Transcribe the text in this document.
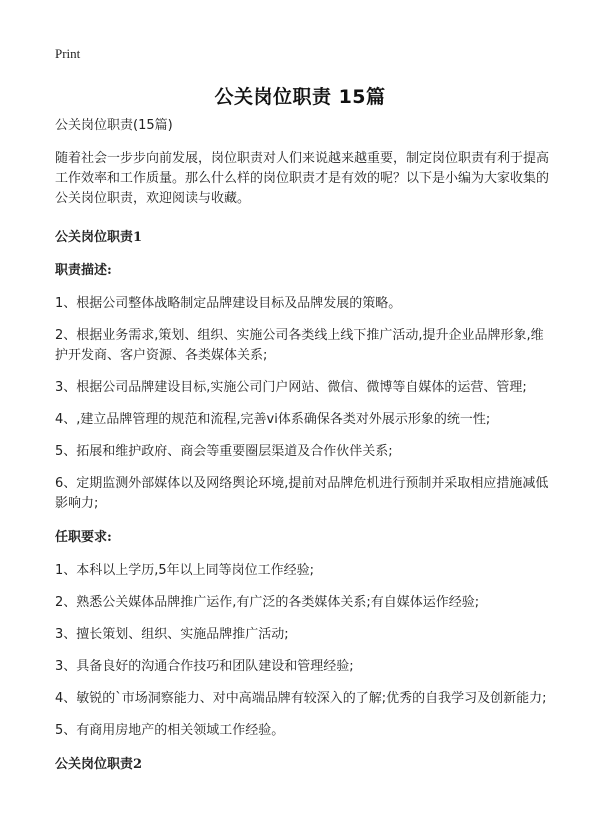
Print
公关岗位职责 15篇

公关岗位职责(15篇)

随着社会一步步向前发展，岗位职责对人们来说越来越重要，制定岗位职责有利于提高工作效率和工作质量。那么什么样的岗位职责才是有效的呢？以下是小编为大家收集的公关岗位职责，欢迎阅读与收藏。

公关岗位职责1

职责描述:

1、根据公司整体战略制定品牌建设目标及品牌发展的策略。

2、根据业务需求,策划、组织、实施公司各类线上线下推广活动,提升企业品牌形象,维护开发商、客户资源、各类媒体关系;

3、根据公司品牌建设目标,实施公司门户网站、微信、微博等自媒体的运营、管理;

4、,建立品牌管理的规范和流程,完善vi体系确保各类对外展示形象的统一性;

5、拓展和维护政府、商会等重要圈层渠道及合作伙伴关系;

6、定期监测外部媒体以及网络舆论环境,提前对品牌危机进行预制并采取相应措施减低影响力;

任职要求:

1、本科以上学历,5年以上同等岗位工作经验;

2、熟悉公关媒体品牌推广运作,有广泛的各类媒体关系;有自媒体运作经验;

3、擅长策划、组织、实施品牌推广活动;

3、具备良好的沟通合作技巧和团队建设和管理经验;

4、敏锐的`市场洞察能力、对中高端品牌有较深入的了解;优秀的自我学习及创新能力;

5、有商用房地产的相关领域工作经验。

公关岗位职责2
